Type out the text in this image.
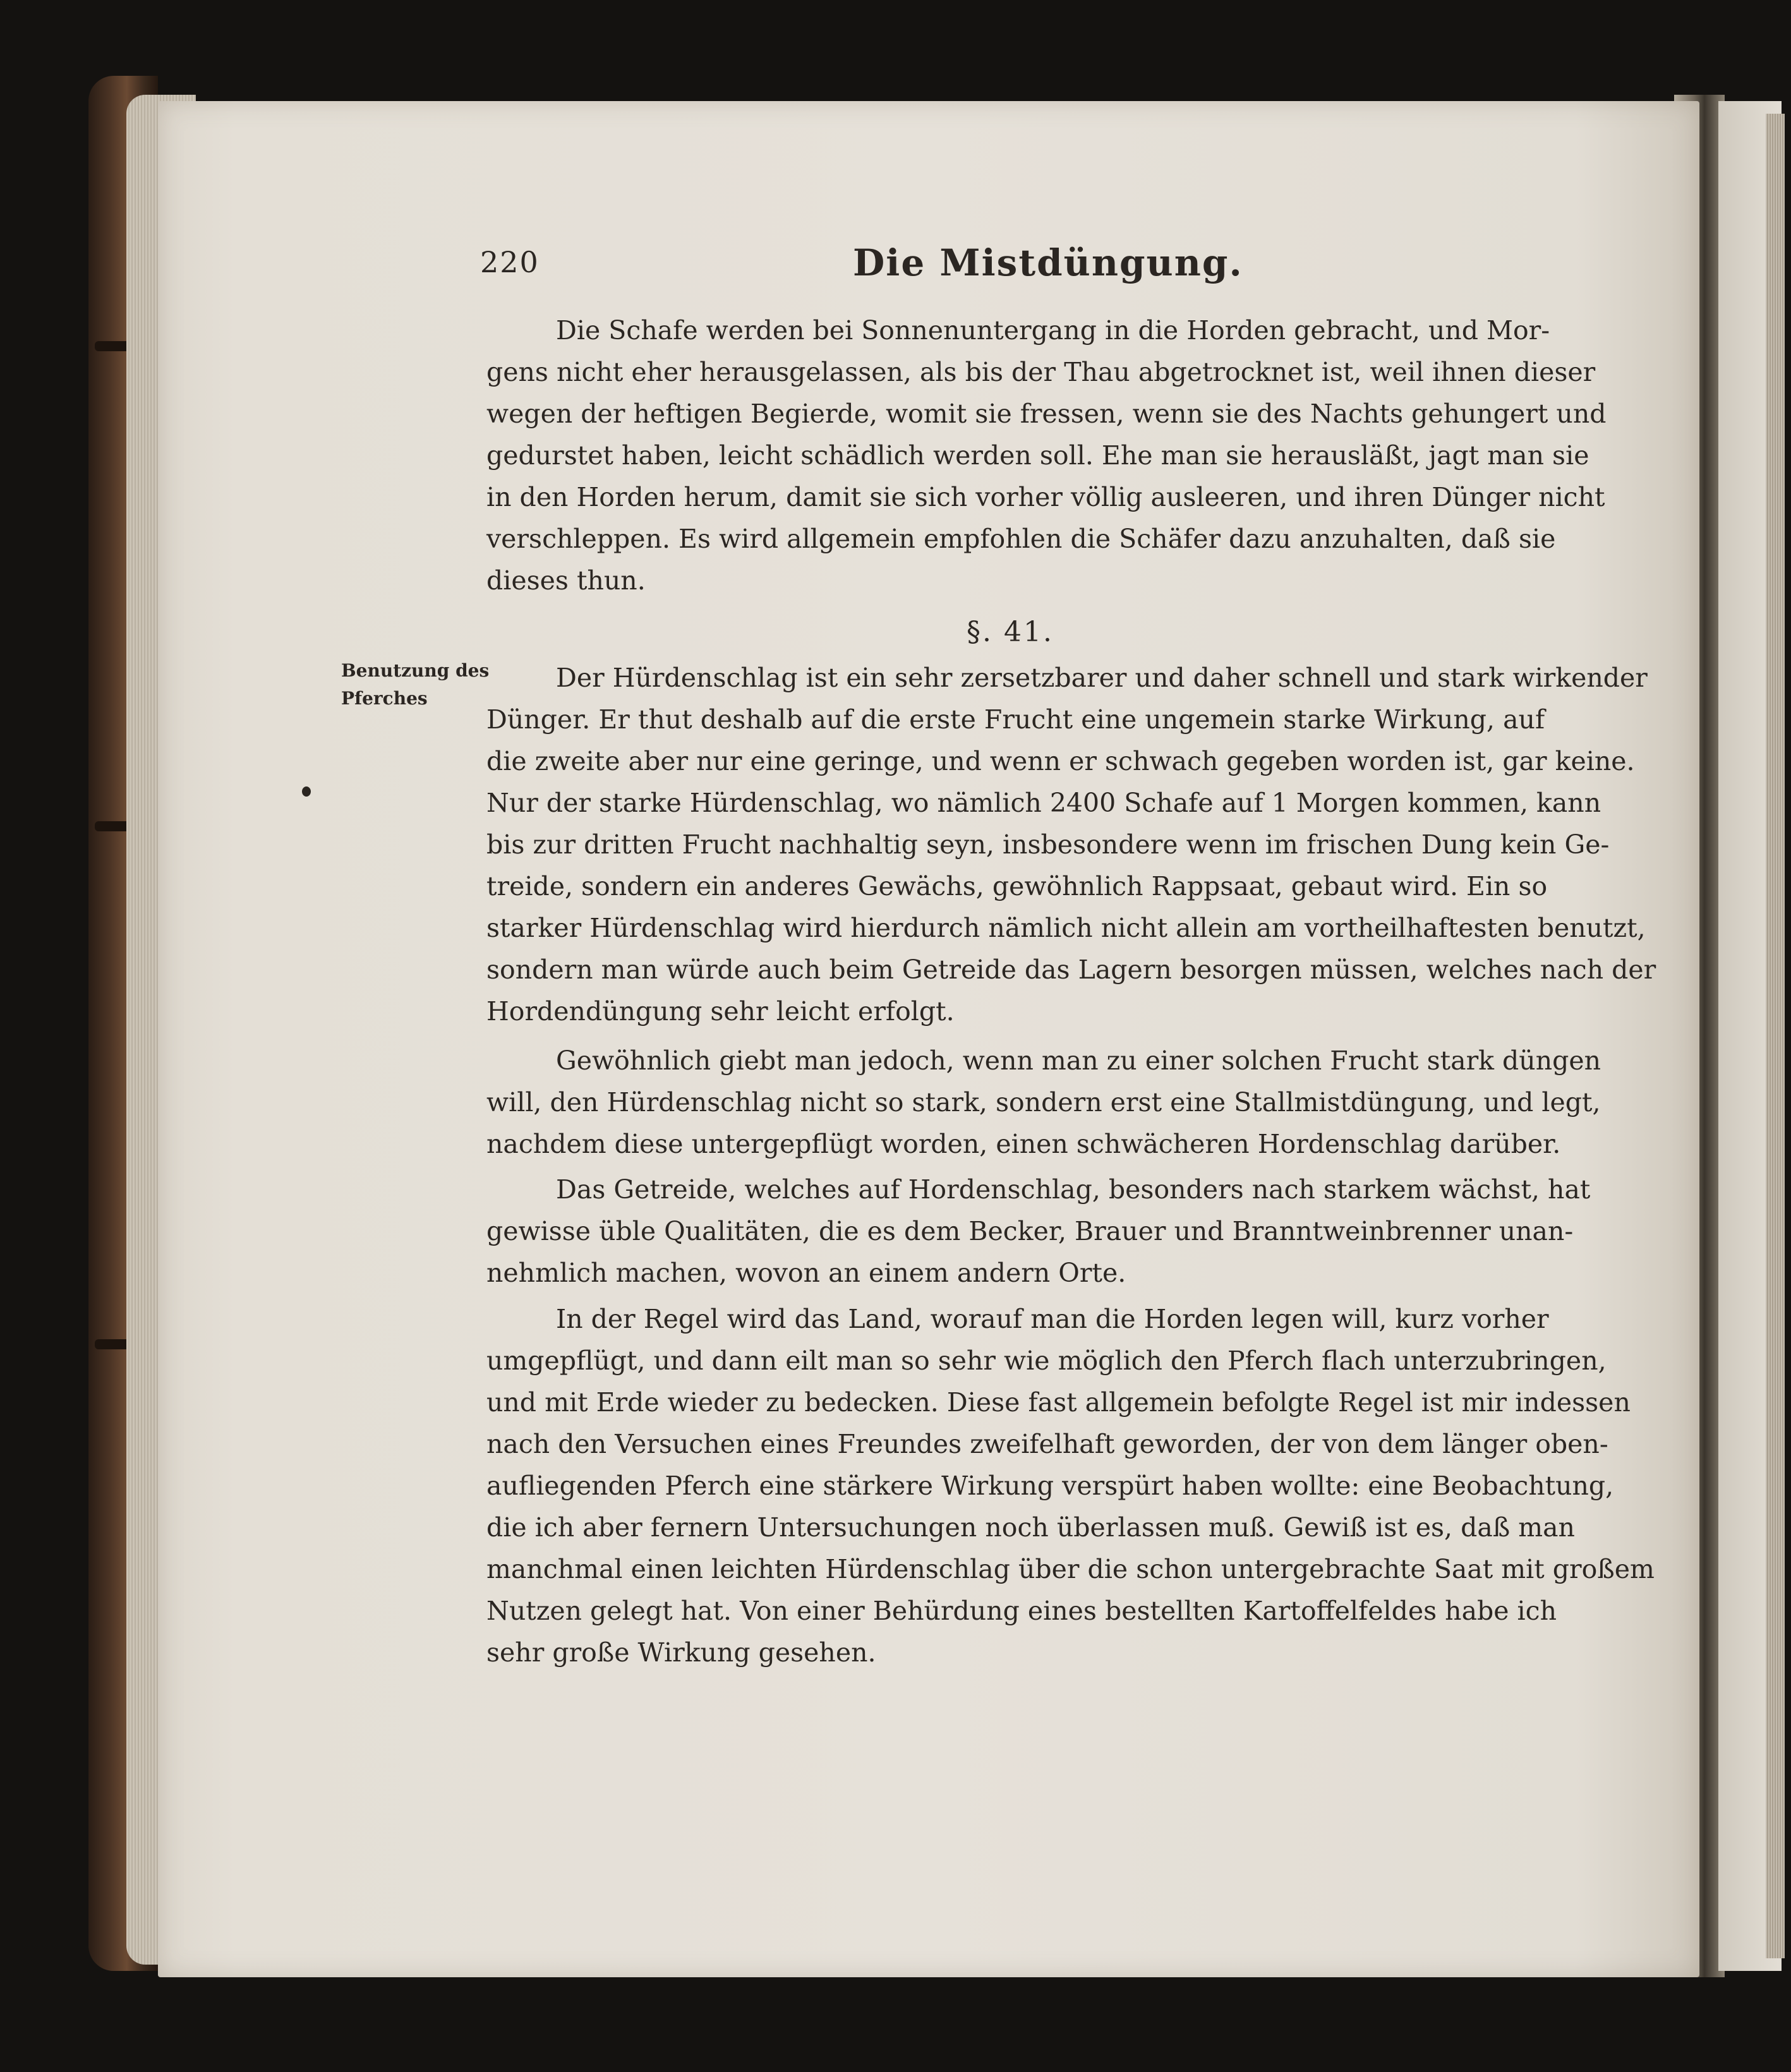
220	Die Mistdüngung.
Die Schafe werden bei Sonnenuntergang in die Horden gebracht, und Mor-
gens nicht eher herausgelassen, als bis der Thau abgetrocknet ist, weil ihnen dieser
wegen der heftigen Begierde, womit sie fressen, wenn sie des Nachts gehungert und
gedurstet haben, leicht schädlich werden soll. Ehe man sie herausläßt, jagt man sie
in den Horden herum, damit sie sich vorher völlig ausleeren, und ihren Dünger nicht
verschleppen. Es wird allgemein empfohlen die Schäfer dazu anzuhalten, daß sie
dieses thun.
§. 41.
Benutzung des
Pferches
Der Hürdenschlag ist ein sehr zersetzbarer und daher schnell und stark wirkender
Dünger. Er thut deshalb auf die erste Frucht eine ungemein starke Wirkung, auf
die zweite aber nur eine geringe, und wenn er schwach gegeben worden ist, gar keine.
Nur der starke Hürdenschlag, wo nämlich 2400 Schafe auf 1 Morgen kommen, kann
bis zur dritten Frucht nachhaltig seyn, insbesondere wenn im frischen Dung kein Ge-
treide, sondern ein anderes Gewächs, gewöhnlich Rappsaat, gebaut wird. Ein so
starker Hürdenschlag wird hierdurch nämlich nicht allein am vortheilhaftesten benutzt,
sondern man würde auch beim Getreide das Lagern besorgen müssen, welches nach der
Hordendüngung sehr leicht erfolgt.
Gewöhnlich giebt man jedoch, wenn man zu einer solchen Frucht stark düngen
will, den Hürdenschlag nicht so stark, sondern erst eine Stallmistdüngung, und legt,
nachdem diese untergepflügt worden, einen schwächeren Hordenschlag darüber.
Das Getreide, welches auf Hordenschlag, besonders nach starkem wächst, hat
gewisse üble Qualitäten, die es dem Becker, Brauer und Branntweinbrenner unan-
nehmlich machen, wovon an einem andern Orte.
In der Regel wird das Land, worauf man die Horden legen will, kurz vorher
umgepflügt, und dann eilt man so sehr wie möglich den Pferch flach unterzubringen,
und mit Erde wieder zu bedecken. Diese fast allgemein befolgte Regel ist mir indessen
nach den Versuchen eines Freundes zweifelhaft geworden, der von dem länger oben-
aufliegenden Pferch eine stärkere Wirkung verspürt haben wollte: eine Beobachtung,
die ich aber fernern Untersuchungen noch überlassen muß. Gewiß ist es, daß man
manchmal einen leichten Hürdenschlag über die schon untergebrachte Saat mit großem
Nutzen gelegt hat. Von einer Behürdung eines bestellten Kartoffelfeldes habe ich
sehr große Wirkung gesehen.
